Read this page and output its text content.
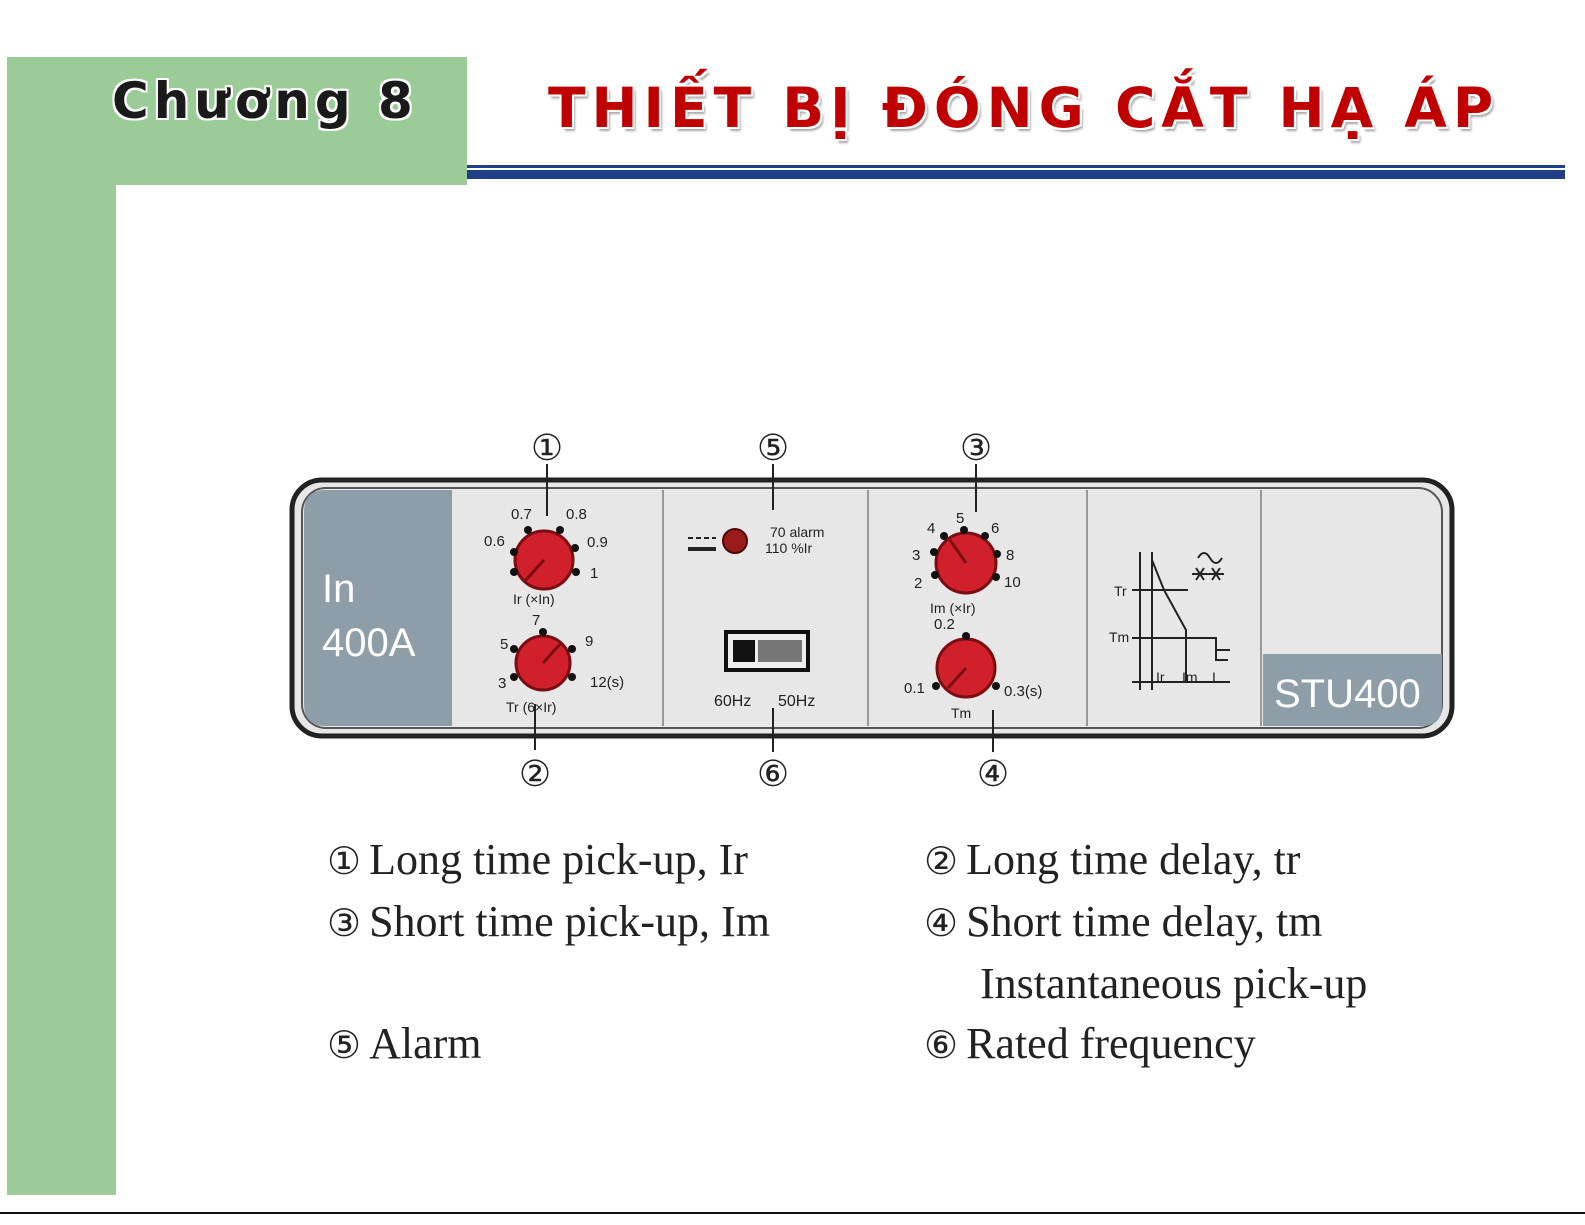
Chương 8 THIẾT BỊ ĐÓNG CẮT HẠ ÁP
In
400A
STU400
①	⑤	③
②	⑥	④
0.6
0.7 0.8
0.9
1
Ir (×In)
3
5
7
9
12(s)
Tr (6×Ir)
70 alarm
110 %Ir
60Hz 50Hz
2
3
4
5
6
8
10
Im (×Ir)
0.1
0.2
0.3(s)
Tm
Tr
Tm
Ir Im I
① Long time pick-up, Ir	② Long time delay, tr
③ Short time pick-up, Im	④ Short time delay, tm
Instantaneous pick-up
⑤ Alarm	⑥ Rated frequency
